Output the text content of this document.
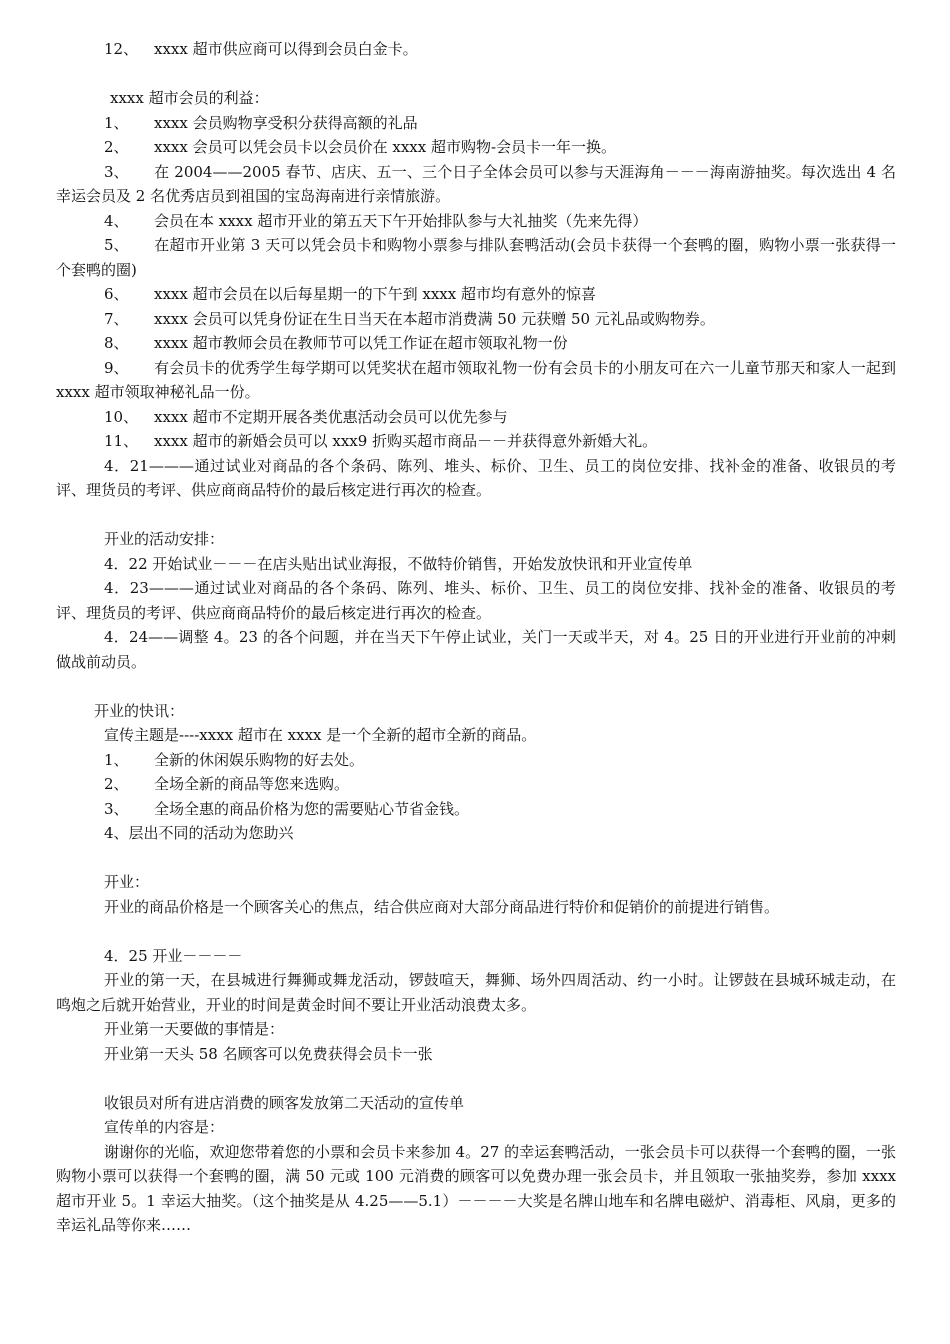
12、 xxxx 超市供应商可以得到会员白金卡。

xxxx 超市会员的利益：

1、 xxxx 会员购物享受积分获得高额的礼品

2、 xxxx 会员可以凭会员卡以会员价在 xxxx 超市购物-会员卡一年一换。

3、 在 2004——2005 春节、店庆、五一、三个日子全体会员可以参与天涯海角－－－海南游抽奖。每次选出 4 名幸运会员及 2 名优秀店员到祖国的宝岛海南进行亲情旅游。

4、 会员在本 xxxx 超市开业的第五天下午开始排队参与大礼抽奖（先来先得）

5、 在超市开业第 3 天可以凭会员卡和购物小票参与排队套鸭活动(会员卡获得一个套鸭的圈，购物小票一张获得一个套鸭的圈)

6、 xxxx 超市会员在以后每星期一的下午到 xxxx 超市均有意外的惊喜

7、 xxxx 会员可以凭身份证在生日当天在本超市消费满 50 元获赠 50 元礼品或购物券。

8、 xxxx 超市教师会员在教师节可以凭工作证在超市领取礼物一份

9、 有会员卡的优秀学生每学期可以凭奖状在超市领取礼物一份有会员卡的小朋友可在六一儿童节那天和家人一起到 xxxx 超市领取神秘礼品一份。

10、 xxxx 超市不定期开展各类优惠活动会员可以优先参与

11、 xxxx 超市的新婚会员可以 xxx9 折购买超市商品－－并获得意外新婚大礼。

4．21———通过试业对商品的各个条码、陈列、堆头、标价、卫生、员工的岗位安排、找补金的准备、收银员的考评、理货员的考评、供应商商品特价的最后核定进行再次的检查。

开业的活动安排：

4．22 开始试业－－－在店头贴出试业海报，不做特价销售，开始发放快讯和开业宣传单

4．23———通过试业对商品的各个条码、陈列、堆头、标价、卫生、员工的岗位安排、找补金的准备、收银员的考评、理货员的考评、供应商商品特价的最后核定进行再次的检查。

4．24——调整 4。23 的各个问题，并在当天下午停止试业，关门一天或半天，对 4。25 日的开业进行开业前的冲刺做战前动员。

开业的快讯：

宣传主题是----xxxx 超市在 xxxx 是一个全新的超市全新的商品。

1、 全新的休闲娱乐购物的好去处。

2、 全场全新的商品等您来选购。

3、 全场全惠的商品价格为您的需要贴心节省金钱。

4、层出不同的活动为您助兴

开业：

开业的商品价格是一个顾客关心的焦点，结合供应商对大部分商品进行特价和促销价的前提进行销售。

4．25 开业－－－－

开业的第一天，在县城进行舞狮或舞龙活动，锣鼓喧天，舞狮、场外四周活动、约一小时。让锣鼓在县城环城走动，在鸣炮之后就开始营业，开业的时间是黄金时间不要让开业活动浪费太多。

开业第一天要做的事情是：

开业第一天头 58 名顾客可以免费获得会员卡一张

收银员对所有进店消费的顾客发放第二天活动的宣传单

宣传单的内容是：

谢谢你的光临，欢迎您带着您的小票和会员卡来参加 4。27 的幸运套鸭活动，一张会员卡可以获得一个套鸭的圈，一张购物小票可以获得一个套鸭的圈，满 50 元或 100 元消费的顾客可以免费办理一张会员卡，并且领取一张抽奖券，参加 xxxx 超市开业 5。1 幸运大抽奖。（这个抽奖是从 4.25——5.1）－－－－大奖是名牌山地车和名牌电磁炉、消毒柜、风扇，更多的幸运礼品等你来……
